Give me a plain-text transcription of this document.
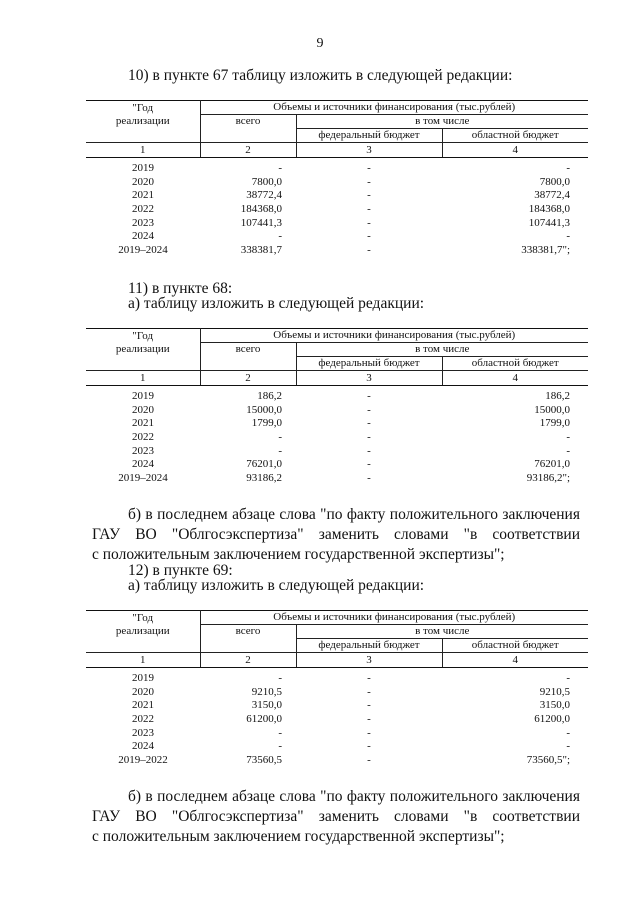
9
10) в пункте 67 таблицу изложить в следующей редакции:
"Год
реализации	Объемы и источники финансирования (тыс.рублей)		
	всего	в том числе	
		федеральный бюджет	областной бюджет
1	2	3	4
2019	-	-	-
2020	7800,0	-	7800,0
2021	38772,4	-	38772,4
2022	184368,0	-	184368,0
2023	107441,3	-	107441,3
2024	-	-	-
2019–2024	338381,7	-	338381,7";
11) в пункте 68:
а) таблицу изложить в следующей редакции:
"Год
реализации	Объемы и источники финансирования (тыс.рублей)		
	всего	в том числе	
		федеральный бюджет	областной бюджет
1	2	3	4
2019	186,2	-	186,2
2020	15000,0	-	15000,0
2021	1799,0	-	1799,0
2022	-	-	-
2023	-	-	-
2024	76201,0	-	76201,0
2019–2024	93186,2	-	93186,2";
б) в последнем абзаце слова "по факту положительного заключения
ГАУ ВО "Облгосэкспертиза" заменить словами "в соответствии
с положительным заключением государственной экспертизы";
12) в пункте 69:
а) таблицу изложить в следующей редакции:
"Год
реализации	Объемы и источники финансирования (тыс.рублей)		
	всего	в том числе	
		федеральный бюджет	областной бюджет
1	2	3	4
2019	-	-	-
2020	9210,5	-	9210,5
2021	3150,0	-	3150,0
2022	61200,0	-	61200,0
2023	-	-	-
2024	-	-	-
2019–2022	73560,5	-	73560,5";
б) в последнем абзаце слова "по факту положительного заключения
ГАУ ВО "Облгосэкспертиза" заменить словами "в соответствии
с положительным заключением государственной экспертизы";
